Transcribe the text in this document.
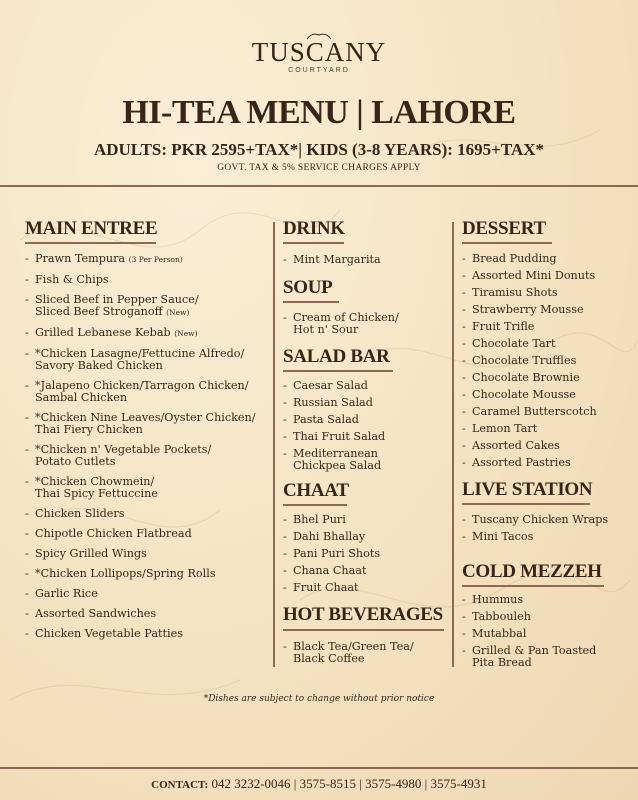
TUSCANY
COURTYARD
HI-TEA MENU | LAHORE
ADULTS: PKR 2595+TAX*| KIDS (3-8 YEARS): 1695+TAX*
GOVT. TAX & 5% SERVICE CHARGES APPLY
MAIN ENTREE
- Prawn Tempura (3 Per Person)
- Fish & Chips
- Sliced Beef in Pepper Sauce/
Sliced Beef Stroganoff (New)
- Grilled Lebanese Kebab (New)
- *Chicken Lasagne/Fettucine Alfredo/
Savory Baked Chicken
- *Jalapeno Chicken/Tarragon Chicken/
Sambal Chicken
- *Chicken Nine Leaves/Oyster Chicken/
Thai Fiery Chicken
- *Chicken n' Vegetable Pockets/
Potato Cutlets
- *Chicken Chowmein/
Thai Spicy Fettuccine
- Chicken Sliders
- Chipotle Chicken Flatbread
- Spicy Grilled Wings
- *Chicken Lollipops/Spring Rolls
- Garlic Rice
- Assorted Sandwiches
- Chicken Vegetable Patties
DRINK
- Mint Margarita
SOUP
- Cream of Chicken/
Hot n' Sour
SALAD BAR
- Caesar Salad
- Russian Salad
- Pasta Salad
- Thai Fruit Salad
- Mediterranean
Chickpea Salad
CHAAT
- Bhel Puri
- Dahi Bhallay
- Pani Puri Shots
- Chana Chaat
- Fruit Chaat
HOT BEVERAGES
- Black Tea/Green Tea/
Black Coffee
DESSERT
- Bread Pudding
- Assorted Mini Donuts
- Tiramisu Shots
- Strawberry Mousse
- Fruit Trifle
- Chocolate Tart
- Chocolate Truffles
- Chocolate Brownie
- Chocolate Mousse
- Caramel Butterscotch
- Lemon Tart
- Assorted Cakes
- Assorted Pastries
LIVE STATION
- Tuscany Chicken Wraps
- Mini Tacos
COLD MEZZEH
- Hummus
- Tabbouleh
- Mutabbal
- Grilled & Pan Toasted
Pita Bread
*Dishes are subject to change without prior notice
CONTACT: 042 3232-0046 | 3575-8515 | 3575-4980 | 3575-4931
